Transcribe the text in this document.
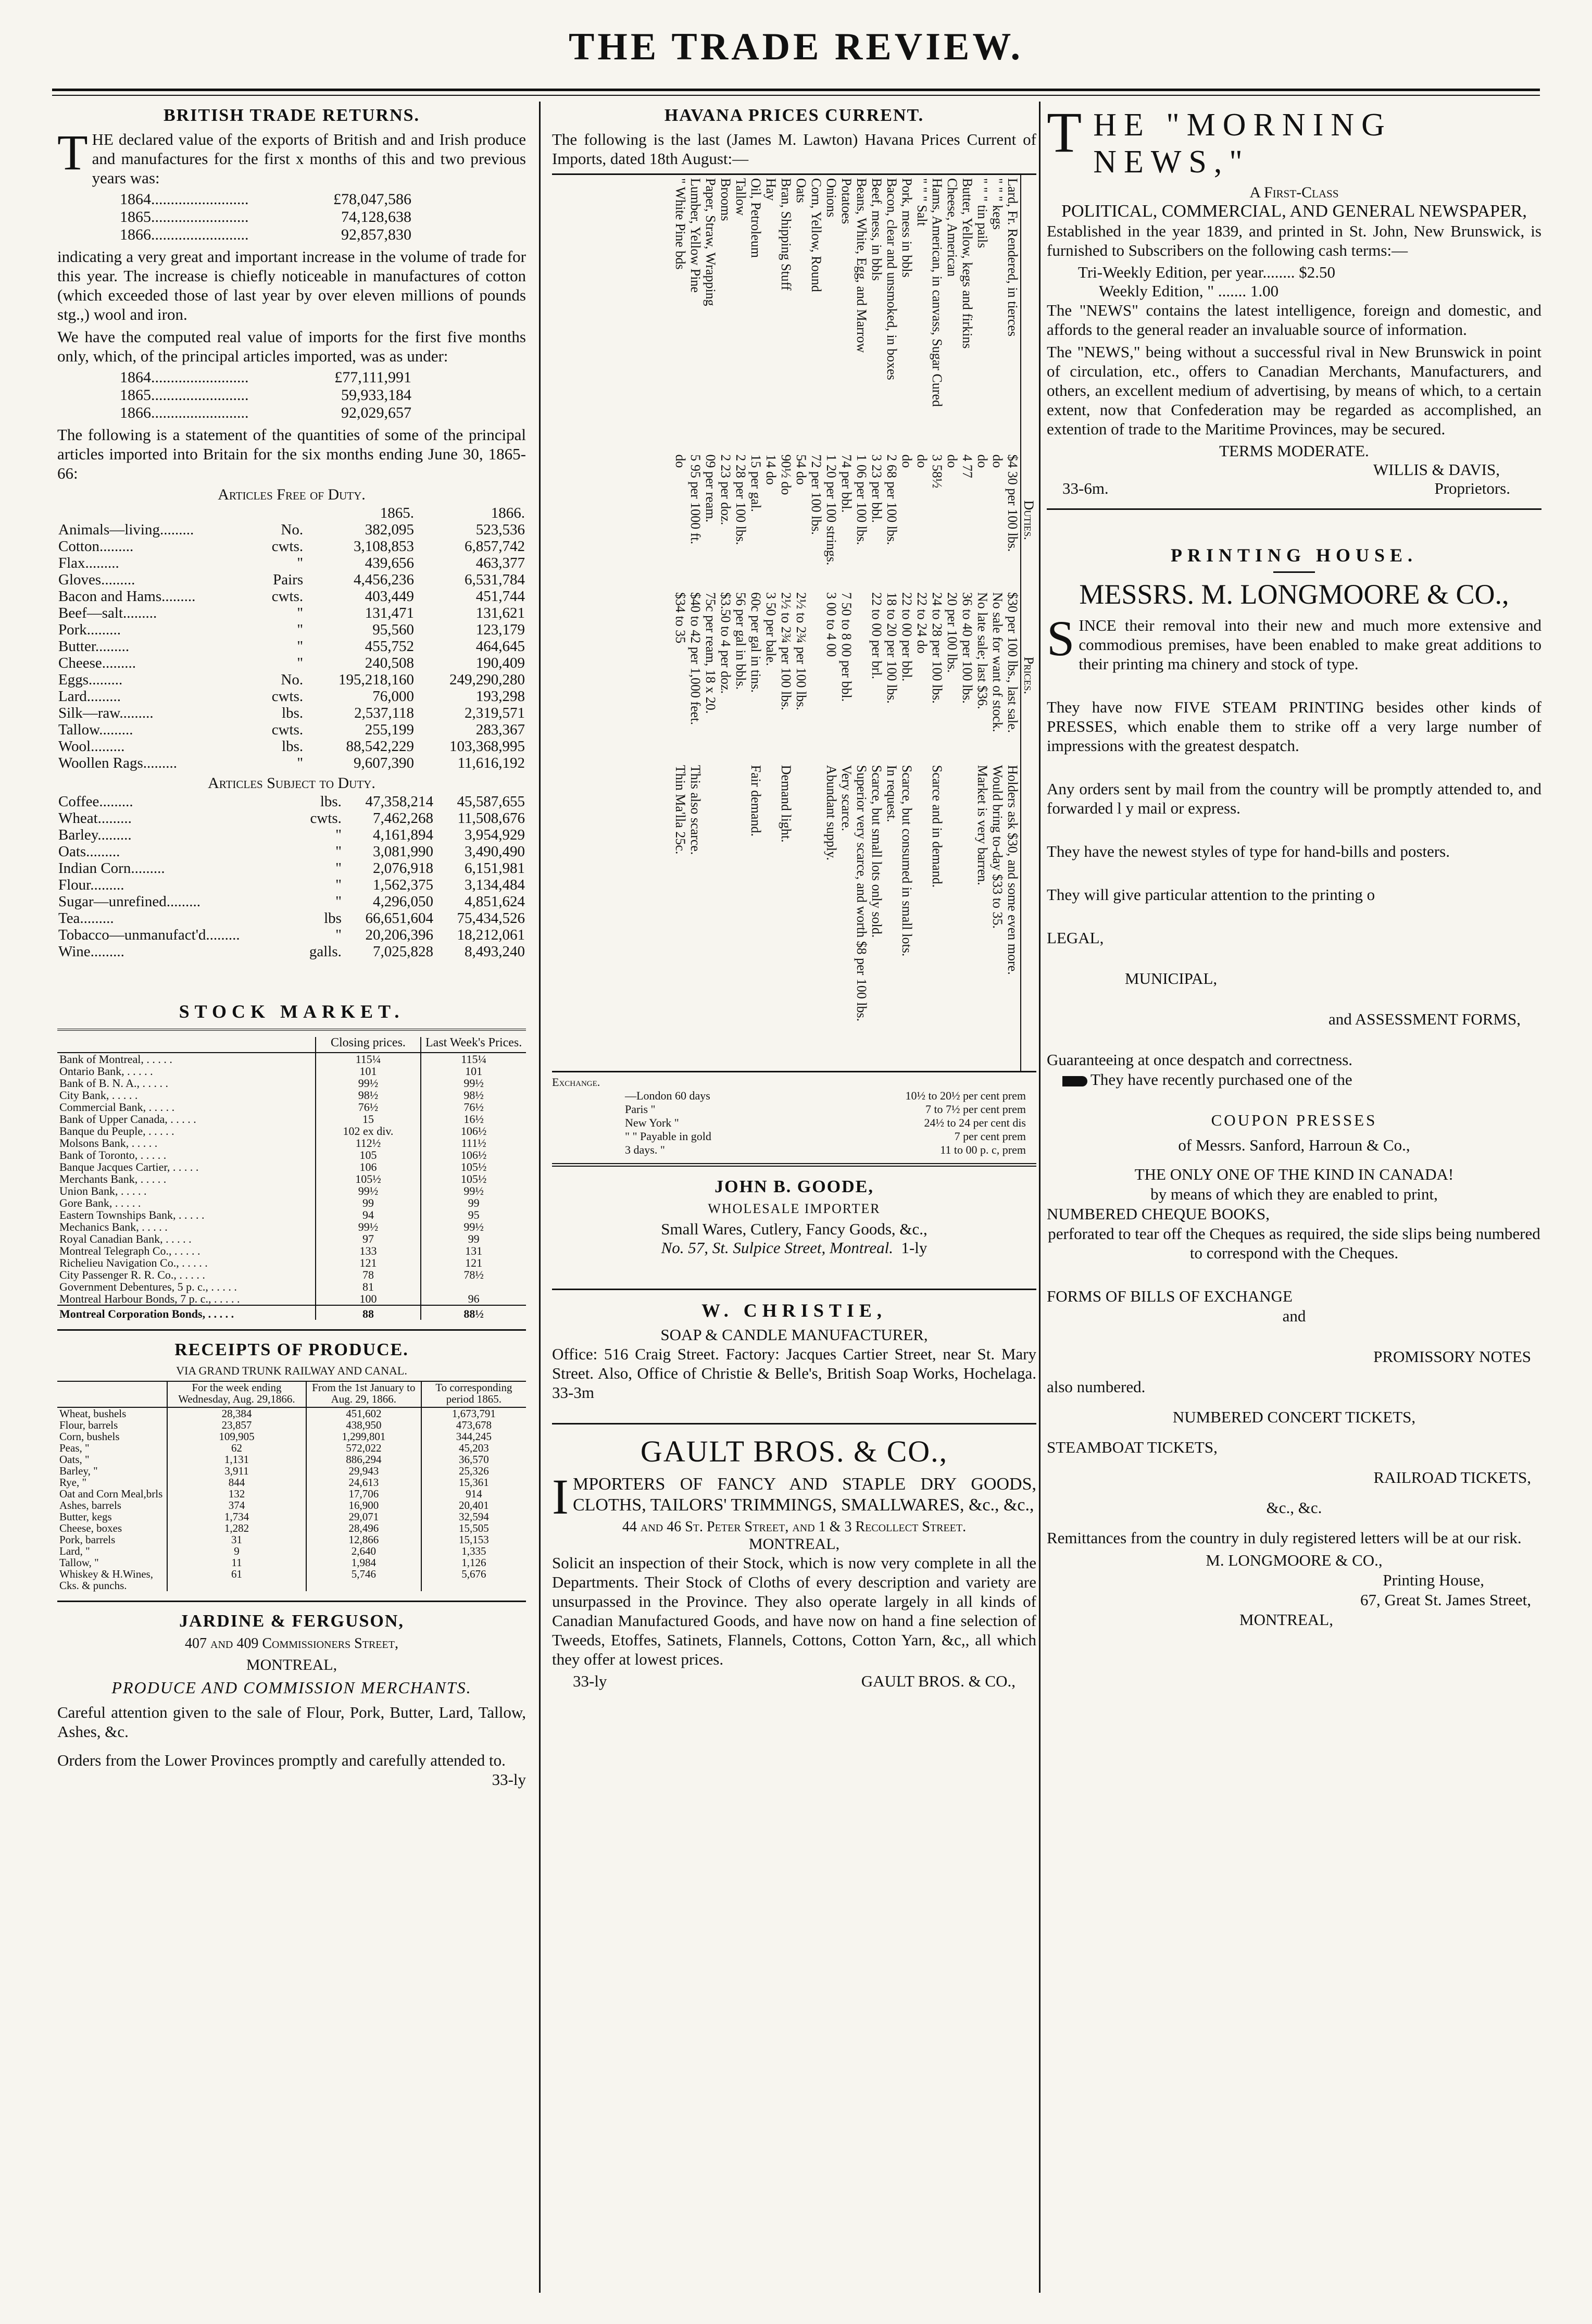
THE TRADE REVIEW.
BRITISH TRADE RETURNS.

THE declared value of the exports of British and and Irish produce and manufactures for the first x months of this and two previous years was:

1864.........................	£78,047,586
1865.........................	74,128,638
1866.........................	92,857,830

indicating a very great and important increase in the volume of trade for this year. The increase is chiefly noticeable in manufactures of cotton (which exceeded those of last year by over eleven millions of pounds stg.,) wool and iron.

We have the computed real value of imports for the first five months only, which, of the principal articles imported, was as under:

1864.........................	£77,111,991
1865.........................	59,933,184
1866.........................	92,029,657

The following is a statement of the quantities of some of the principal articles imported into Britain for the six months ending June 30, 1865-66:

Articles Free of Duty.
		1865.	1866.
Animals—living.........	No.	382,095	523,536
Cotton.........	cwts.	3,108,853	6,857,742
Flax.........	"	439,656	463,377
Gloves.........	Pairs	4,456,236	6,531,784
Bacon and Hams.........	cwts.	403,449	451,744
Beef—salt.........	"	131,471	131,621
Pork.........	"	95,560	123,179
Butter.........	"	455,752	464,645
Cheese.........	"	240,508	190,409
Eggs.........	No.	195,218,160	249,290,280
Lard.........	cwts.	76,000	193,298
Silk—raw.........	lbs.	2,537,118	2,319,571
Tallow.........	cwts.	255,199	283,367
Wool.........	lbs.	88,542,229	103,368,995
Woollen Rags.........	"	9,607,390	11,616,192
Articles Subject to Duty.
Coffee.........	lbs.	47,358,214	45,587,655
Wheat.........	cwts.	7,462,268	11,508,676
Barley.........	"	4,161,894	3,954,929
Oats.........	"	3,081,990	3,490,490
Indian Corn.........	"	2,076,918	6,151,981
Flour.........	"	1,562,375	3,134,484
Sugar—unrefined.........	"	4,296,050	4,851,624
Tea.........	lbs	66,651,604	75,434,526
Tobacco—unmanufact'd.........	"	20,206,396	18,212,061
Wine.........	galls.	7,025,828	8,493,240
STOCK MARKET.
	Closing prices.	Last Week's Prices.
Bank of Montreal, . . . . .	115¼	115¼
Ontario Bank, . . . . .	101	101
Bank of B. N. A., . . . . .	99½	99½
City Bank, . . . . .	98½	98½
Commercial Bank, . . . . .	76½	76½
Bank of Upper Canada, . . . . .	15	16½
Banque du Peuple, . . . . .	102 ex div.	106½
Molsons Bank, . . . . .	112½	111½
Bank of Toronto, . . . . .	105	106½
Banque Jacques Cartier, . . . . .	106	105½
Merchants Bank, . . . . .	105½	105½
Union Bank, . . . . .	99½	99½
Gore Bank, . . . . .	99	99
Eastern Townships Bank, . . . . .	94	95
Mechanics Bank, . . . . .	99½	99½
Royal Canadian Bank, . . . . .	97	99
Montreal Telegraph Co., . . . . .	133	131
Richelieu Navigation Co., . . . . .	121	121
City Passenger R. R. Co., . . . . .	78	78½
Government Debentures, 5 p. c., . . . . .	81	
Montreal Harbour Bonds, 7 p. c., . . . . .	100	96
Montreal Corporation Bonds, . . . . .	88	88½
RECEIPTS OF PRODUCE.
VIA GRAND TRUNK RAILWAY AND CANAL.
	For the week ending Wednesday, Aug. 29,1866.	From the 1st January to Aug. 29, 1866.	To corresponding period 1865.
Wheat, bushels	28,384	451,602	1,673,791
Flour, barrels	23,857	438,950	473,678
Corn, bushels	109,905	1,299,801	344,245
Peas, "	62	572,022	45,203
Oats, "	1,131	886,294	36,570
Barley, "	3,911	29,943	25,326
Rye, "	844	24,613	15,361
Oat and Corn Meal,brls	132	17,706	914
Ashes, barrels	374	16,900	20,401
Butter, kegs	1,734	29,071	32,594
Cheese, boxes	1,282	28,496	15,505
Pork, barrels	31	12,866	15,153
Lard, "	9	2,640	1,335
Tallow, "	11	1,984	1,126
Whiskey & H.Wines, Cks. & punchs.	61	5,746	5,676
JARDINE & FERGUSON,
407 and 409 Commissioners Street,
MONTREAL,
PRODUCE AND COMMISSION MERCHANTS.

Careful attention given to the sale of Flour, Pork, Butter, Lard, Tallow, Ashes, &c.

Orders from the Lower Provinces promptly and carefully attended to.
33-ly

HAVANA PRICES CURRENT.

The following is the last (James M. Lawton) Havana Prices Current of Imports, dated 18th August:—

	Duties.	Prices.	
Lard, Fr. Rendered, in tierces	$4 30 per 100 lbs.	$30 per 100 lbs., last sale.	Holders ask $30, and some even more.
" " " kegs	do	No sale for want of stock.	Would bring to-day $33 to 35.
" " " tin pails	do	No late sale; last $36.	Market is very barren.
Butter, Yellow, kegs and firkins	4 77	36 to 40 per 100 lbs.	
Cheese, American	do	20 per 100 lbs.	
Hams, American, in canvass, Sugar Cured	3 58½	24 to 28 per 100 lbs.	Scarce and in demand.
" " " Salt	do	22 to 24 do	
Pork, mess in bbls	do	22 to 00 per bbl.	Scarce, but consumed in small lots.
Bacon, clear and unsmoked, in boxes	2 68 per 100 lbs.	18 to 20 per 100 lbs.	In request.
Beef, mess, in bbls	3 23 per bbl.	22 to 00 per brl.	Scarce, but small lots only sold.
Beans, White, Egg, and Marrow	1 06 per 100 lbs.		Superior very scarce, and worth $8 per 100 lbs.
Potatoes	74 per bbl.	7 50 to 8 00 per bbl.	Very scarce.
Onions	1 20 per 100 strings.	3 00 to 4 00	Abundant supply.
Corn, Yellow, Round	72 per 100 lbs.		
Oats	54 do	2½ to 2¾ per 100 lbs.	
Bran, Shipping Stuff	90½ do	2½ to 2¾ per 100 lbs.	Demand light.
Hay	14 do	3 50 per bale.	
Oil, Petroleum	15 per gal.	60c per gal in tins.	Fair demand.
Tallow	2 28 per 100 lbs.	56 per gal in bbls.	
Brooms	2 23 per doz.	$3.50 to 4 per doz.	
Paper, Straw, Wrapping	09 per ream.	75c per ream, 18 x 20.	
Lumber, Yellow Pine	5 95 per 1000 ft.	$40 to 42 per 1,000 feet.	This also scarce.
" White Pine bds	do	$34 to 35	Thin Ma'lla 25c.
Exchange.
—London 60 days	10½ to 20½ per cent prem
Paris "	7 to 7½ per cent prem
New York "	24½ to 24 per cent dis
" " Payable in gold	7 per cent prem
3 days. "	11 to 00 p. c, prem
JOHN B. GOODE,
WHOLESALE IMPORTER
Small Wares, Cutlery, Fancy Goods, &c.,
No. 57, St. Sulpice Street, Montreal. 1-ly
W. CHRISTIE,
SOAP & CANDLE MANUFACTURER,

Office: 516 Craig Street. Factory: Jacques Cartier Street, near St. Mary Street. Also, Office of Christie & Belle's, British Soap Works, Hochelaga. 33-3m

GAULT BROS. & CO.,

IMPORTERS OF FANCY AND STAPLE DRY GOODS, CLOTHS, TAILORS' TRIMMINGS, SMALLWARES, &c., &c.,

44 and 46 St. Peter Street, and 1 & 3 Recollect Street.
MONTREAL,

Solicit an inspection of their Stock, which is now very complete in all the Departments. Their Stock of Cloths of every description and variety are unsurpassed in the Province. They also operate largely in all kinds of Canadian Manufactured Goods, and have now on hand a fine selection of Tweeds, Etoffes, Satinets, Flannels, Cottons, Cotton Yarn, &c,, all which they offer at lowest prices.

33-ly	GAULT BROS. & CO.,
THE "MORNING NEWS,"
A First-Class
POLITICAL, COMMERCIAL, AND GENERAL NEWSPAPER,

Established in the year 1839, and printed in St. John, New Brunswick, is furnished to Subscribers on the following cash terms:—

Tri-Weekly Edition, per year........ $2.50
Weekly Edition, " ....... 1.00

The "NEWS" contains the latest intelligence, foreign and domestic, and affords to the general reader an invaluable source of information.

The "NEWS," being without a successful rival in New Brunswick in point of circulation, etc., offers to Canadian Merchants, Manufacturers, and others, an excellent medium of advertising, by means of which, to a certain extent, now that Confederation may be regarded as accomplished, an extention of trade to the Maritime Provinces, may be secured.

TERMS MODERATE.
WILLIS & DAVIS,
33-6m.	Proprietors.
PRINTING HOUSE.
MESSRS. M. LONGMOORE & CO.,

SINCE their removal into their new and much more extensive and commodious premises, have been enabled to make great additions to their printing ma chinery and stock of type.

They have now FIVE STEAM PRINTING besides other kinds of PRESSES, which enable them to strike off a very large number of impressions with the greatest despatch.

Any orders sent by mail from the country will be promptly attended to, and forwarded l y mail or express.

They have the newest styles of type for hand-bills and posters.

They will give particular attention to the printing o

LEGAL,
MUNICIPAL,
and ASSESSMENT FORMS,
Guaranteeing at once despatch and correctness.
They have recently purchased one of the
COUPON PRESSES
of Messrs. Sanford, Harroun & Co.,
THE ONLY ONE OF THE KIND IN CANADA!
by means of which they are enabled to print,
NUMBERED CHEQUE BOOKS,

perforated to tear off the Cheques as required, the side slips being numbered to correspond with the Cheques.

FORMS OF BILLS OF EXCHANGE
and
PROMISSORY NOTES
also numbered.
NUMBERED CONCERT TICKETS,
STEAMBOAT TICKETS,
RAILROAD TICKETS,
&c., &c.

Remittances from the country in duly registered letters will be at our risk.

M. LONGMOORE & CO.,
Printing House,
67, Great St. James Street,
MONTREAL,
